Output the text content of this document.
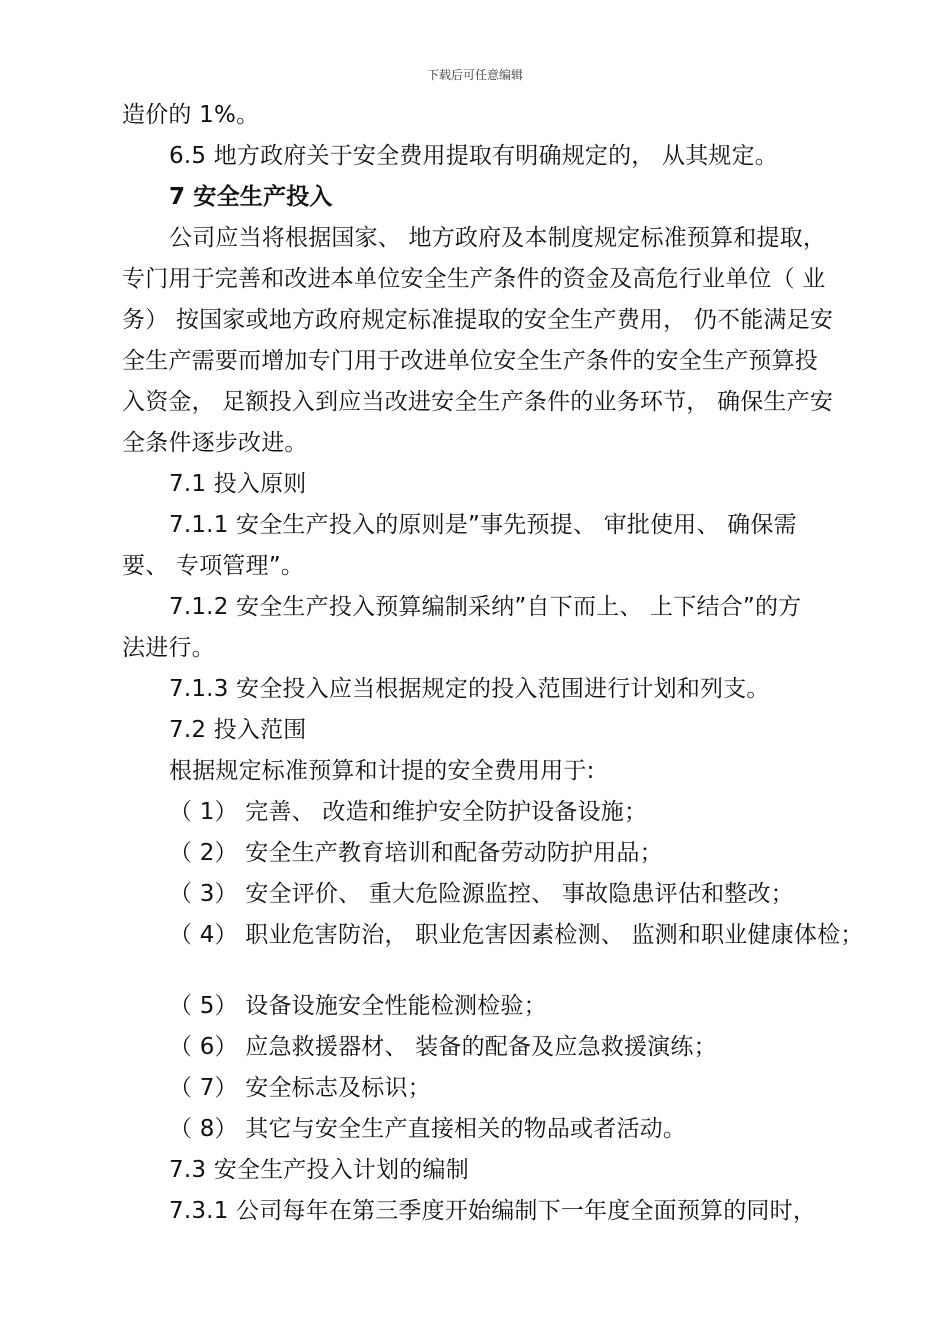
下载后可任意编辑
造价的 1%。
6.5 地方政府关于安全费用提取有明确规定的， 从其规定。
7 安全生产投入
公司应当将根据国家、 地方政府及本制度规定标准预算和提取，
专门用于完善和改进本单位安全生产条件的资金及高危行业单位（ 业
务） 按国家或地方政府规定标准提取的安全生产费用， 仍不能满足安
全生产需要而增加专门用于改进单位安全生产条件的安全生产预算投
入资金， 足额投入到应当改进安全生产条件的业务环节， 确保生产安
全条件逐步改进。
7.1 投入原则
7.1.1 安全生产投入的原则是”事先预提、 审批使用、 确保需
要、 专项管理”。
7.1.2 安全生产投入预算编制采纳”自下而上、 上下结合”的方
法进行。
7.1.3 安全投入应当根据规定的投入范围进行计划和列支。
7.2 投入范围
根据规定标准预算和计提的安全费用用于:
（ 1） 完善、 改造和维护安全防护设备设施；
（ 2） 安全生产教育培训和配备劳动防护用品；
（ 3） 安全评价、 重大危险源监控、 事故隐患评估和整改；
（ 4） 职业危害防治， 职业危害因素检测、 监测和职业健康体检；
（ 5） 设备设施安全性能检测检验；
（ 6） 应急救援器材、 装备的配备及应急救援演练；
（ 7） 安全标志及标识；
（ 8） 其它与安全生产直接相关的物品或者活动。
7.3 安全生产投入计划的编制
7.3.1 公司每年在第三季度开始编制下一年度全面预算的同时，
